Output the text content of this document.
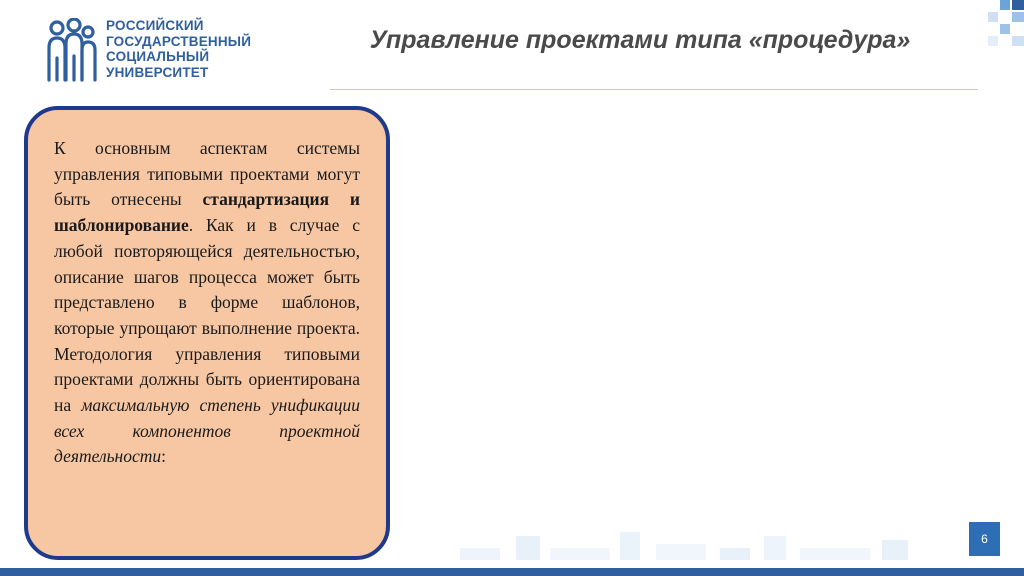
РОССИЙСКИЙ
ГОСУДАРСТВЕННЫЙ
СОЦИАЛЬНЫЙ
УНИВЕРСИТЕТ
Управление проектами типа «процедура»
К основным аспектам системы управления типовыми проектами могут быть отнесены стандартизация и шаблонирование. Как и в случае с любой повторяющейся деятельностью, описание шагов процесса может быть представлено в форме шаблонов, которые упрощают выполнение проекта. Методология управления типовыми проектами должны быть ориентирована на максимальную степень унификации всех компонентов проектной деятельности:
6
